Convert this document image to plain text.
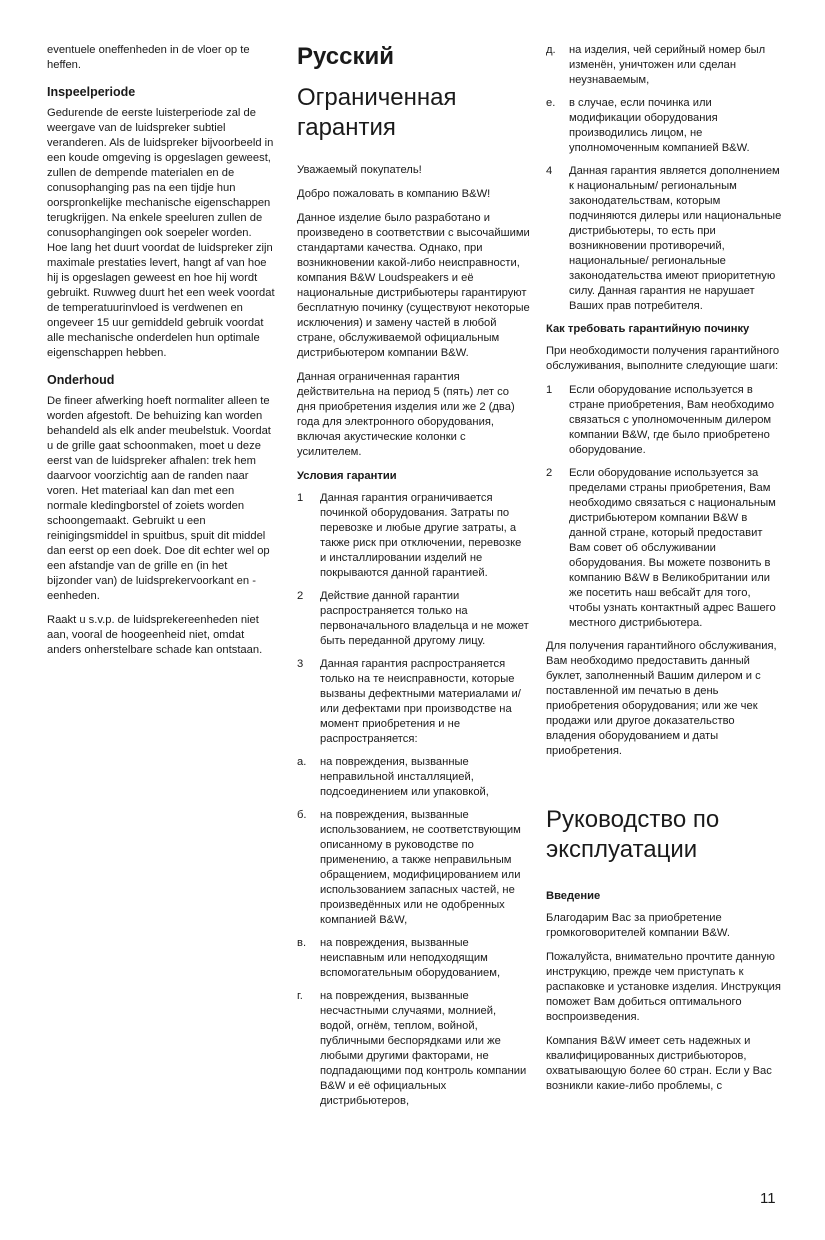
eventuele oneffenheden in de vloer op te heffen.

Inspeelperiode

Gedurende de eerste luisterperiode zal de weergave van de luidspreker subtiel veranderen. Als de luidspreker bijvoorbeeld in een koude omgeving is opgeslagen geweest, zullen de dempende materialen en de conusophanging pas na een tijdje hun oorspronkelijke mechanische eigenschappen terugkrijgen. Na enkele speeluren zullen de conusophangingen ook soepeler worden. Hoe lang het duurt voordat de luidspreker zijn maximale prestaties levert, hangt af van hoe hij is opgeslagen geweest en hoe hij wordt gebruikt. Ruwweg duurt het een week voordat de temperatuurinvloed is verdwenen en ongeveer 15 uur gemiddeld gebruik voordat alle mechanische onderdelen hun optimale eigenschappen hebben.

Onderhoud

De fineer afwerking hoeft normaliter alleen te worden afgestoft. De behuizing kan worden behandeld als elk ander meubelstuk. Voordat u de grille gaat schoonmaken, moet u deze eerst van de luidspreker afhalen: trek hem daarvoor voorzichtig aan de randen naar voren. Het materiaal kan dan met een normale kledingborstel of zoiets worden schoongemaakt. Gebruikt u een reinigingsmiddel in spuitbus, spuit dit middel dan eerst op een doek. Doe dit echter wel op een afstandje van de grille en (in het bijzonder van) de luidsprekervoorkant en -eenheden.

Raakt u s.v.p. de luidsprekereenheden niet aan, vooral de hoogeenheid niet, omdat anders onherstelbare schade kan ontstaan.

Русский
Ограниченная гарантия

Уважаемый покупатель!

Добро пожаловать в компанию B&W!

Данное изделие было разработано и произведено в соответствии с высочайшими стандартами качества. Однако, при возникновении какой-либо неисправности, компания B&W Loudspeakers и её национальные дистрибьютеры гарантируют бесплатную починку (существуют некоторые исключения) и замену частей в любой стране, обслуживаемой официальным дистрибьютером компании B&W.

Данная ограниченная гарантия действительна на период 5 (пять) лет со дня приобретения изделия или же 2 (два) года для электронного оборудования, включая акустические колонки с усилителем.

Условия гарантии
1	Данная гарантия ограничивается починкой оборудования. Затраты по перевозке и любые другие затраты, а также риск при отключении, перевозке и инсталлировании изделий не покрываются данной гарантией.
2	Действие данной гарантии распространяется только на первоначального владельца и не может быть переданной другому лицу.
3	Данная гарантия распространяется только на те неисправности, которые вызваны дефектными материалами и/или дефектами при производстве на момент приобретения и не распространяется:
а.	на повреждения, вызванные неправильной инсталляцией, подсоединением или упаковкой,
б.	на повреждения, вызванные использованием, не соответствующим описанному в руководстве по применению, а также неправильным обращением, модифицированием или использованием запасных частей, не произведённых или не одобренных компанией B&W,
в.	на повреждения, вызванные неиспавным или неподходящим вспомогательным оборудованием,
г.	на повреждения, вызванные несчастными случаями, молнией, водой, огнём, теплом, войной, публичными беспорядками или же любыми другими факторами, не подпадающими под контроль компании B&W и её официальных дистрибьютеров,
д.	на изделия, чей серийный номер был изменён, уничтожен или сделан неузнаваемым,
е.	в случае, если починка или модификации оборудования производились лицом, не уполномоченным компанией B&W.
4	Данная гарантия является дополнением к национальным/ региональным законодательствам, которым подчиняются дилеры или национальные дистрибьютеры, то есть при возникновении противоречий, национальные/ региональные законодательства имеют приоритетную силу. Данная гарантия не нарушает Ваших прав потребителя.
Как требовать гарантийную починку

При необходимости получения гарантийного обслуживания, выполните следующие шаги:

1	Если оборудование используется в стране приобретения, Вам необходимо связаться с уполномоченным дилером компании B&W, где было приобретено оборудование.
2	Если оборудование используется за пределами страны приобретения, Вам необходимо связаться с национальным дистрибьютером компании B&W в данной стране, который предоставит Вам совет об обслуживании оборудования. Вы можете позвонить в компанию B&W в Великобритании или же посетить наш вебсайт для того, чтобы узнать контактный адрес Вашего местного дистрибьютера.

Для получения гарантийного обслуживания, Вам необходимо предоставить данный буклет, заполненный Вашим дилером и с поставленной им печатью в день приобретения оборудования; или же чек продажи или другое доказательство владения оборудованием и даты приобретения.

Руководство по эксплуатации
Введение

Благодарим Вас за приобретение громкоговорителей компании B&W.

Пожалуйста, внимательно прочтите данную инструкцию, прежде чем приступать к распаковке и установке изделия. Инструкция поможет Вам добиться оптимального воспроизведения.

Компания B&W имеет сеть надежных и квалифицированных дистрибьюторов, охватывающую более 60 стран. Если у Вас возникли какие-либо проблемы, с

11
